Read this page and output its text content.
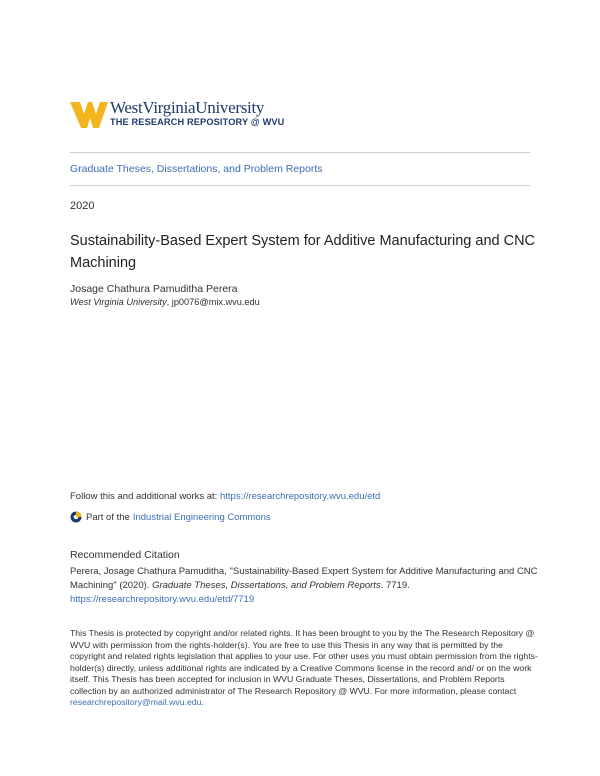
WestVirginiaUniversity
THE RESEARCH REPOSITORY @ WVU
Graduate Theses, Dissertations, and Problem Reports
2020
Sustainability-Based Expert System for Additive Manufacturing and CNC Machining
Josage Chathura Pamuditha Perera
West Virginia University, jp0076@mix.wvu.edu
Follow this and additional works at: https://researchrepository.wvu.edu/etd
Part of the Industrial Engineering Commons
Recommended Citation
Perera, Josage Chathura Pamuditha, "Sustainability-Based Expert System for Additive Manufacturing and CNC Machining" (2020). Graduate Theses, Dissertations, and Problem Reports. 7719.
https://researchrepository.wvu.edu/etd/7719
This Thesis is protected by copyright and/or related rights. It has been brought to you by the The Research Repository @ WVU with permission from the rights-holder(s). You are free to use this Thesis in any way that is permitted by the copyright and related rights legislation that applies to your use. For other uses you must obtain permission from the rights-holder(s) directly, unless additional rights are indicated by a Creative Commons license in the record and/ or on the work itself. This Thesis has been accepted for inclusion in WVU Graduate Theses, Dissertations, and Problem Reports collection by an authorized administrator of The Research Repository @ WVU. For more information, please contact researchrepository@mail.wvu.edu.
